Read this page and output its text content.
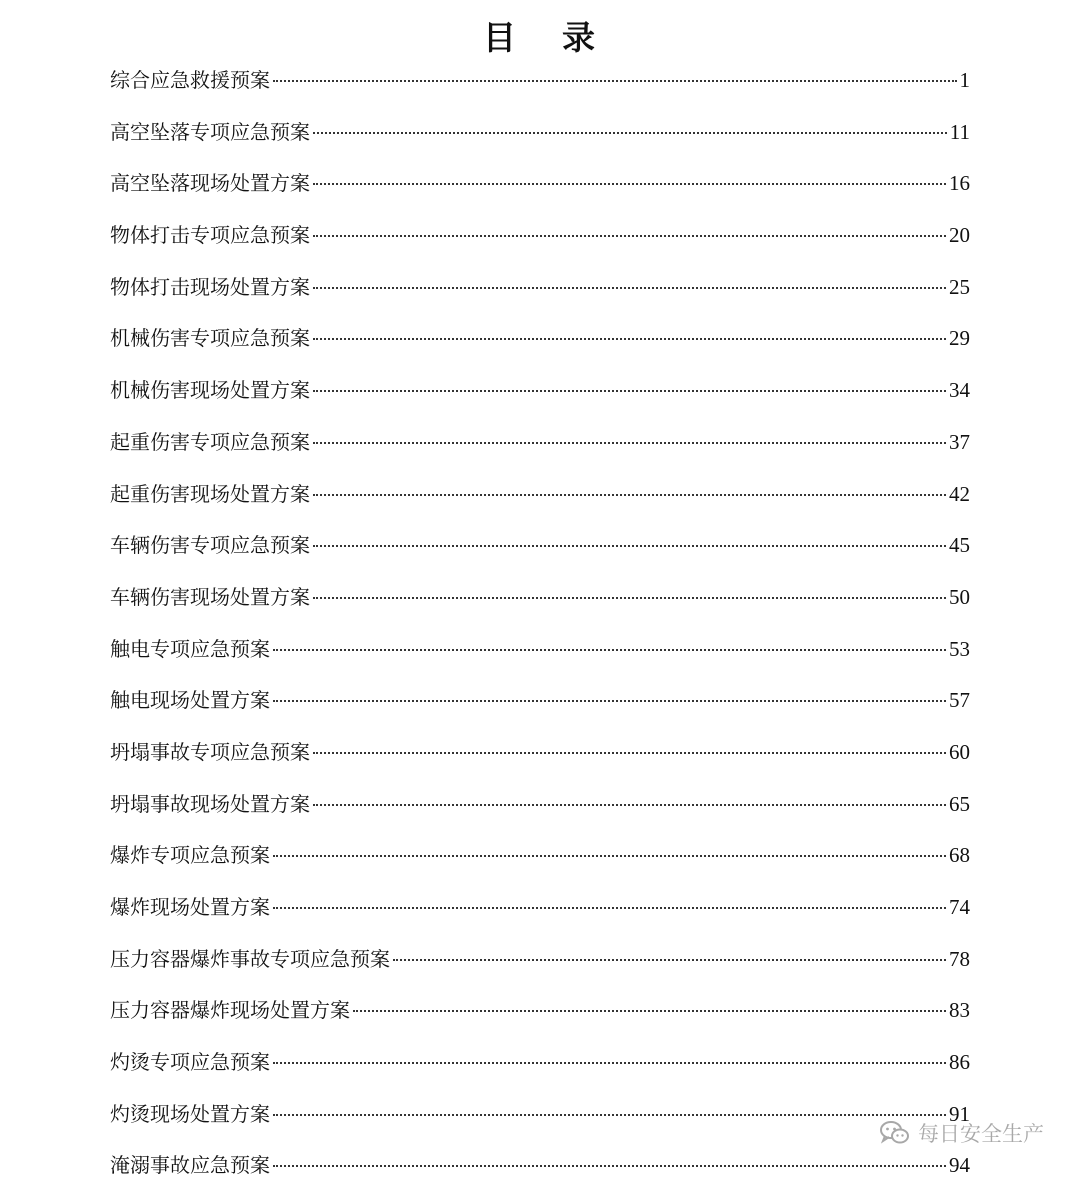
目 录
综合应急救援预案	1
高空坠落专项应急预案	11
高空坠落现场处置方案	16
物体打击专项应急预案	20
物体打击现场处置方案	25
机械伤害专项应急预案	29
机械伤害现场处置方案	34
起重伤害专项应急预案	37
起重伤害现场处置方案	42
车辆伤害专项应急预案	45
车辆伤害现场处置方案	50
触电专项应急预案	53
触电现场处置方案	57
坍塌事故专项应急预案	60
坍塌事故现场处置方案	65
爆炸专项应急预案	68
爆炸现场处置方案	74
压力容器爆炸事故专项应急预案	78
压力容器爆炸现场处置方案	83
灼烫专项应急预案	86
灼烫现场处置方案	91
淹溺事故应急预案	94
每日安全生产
